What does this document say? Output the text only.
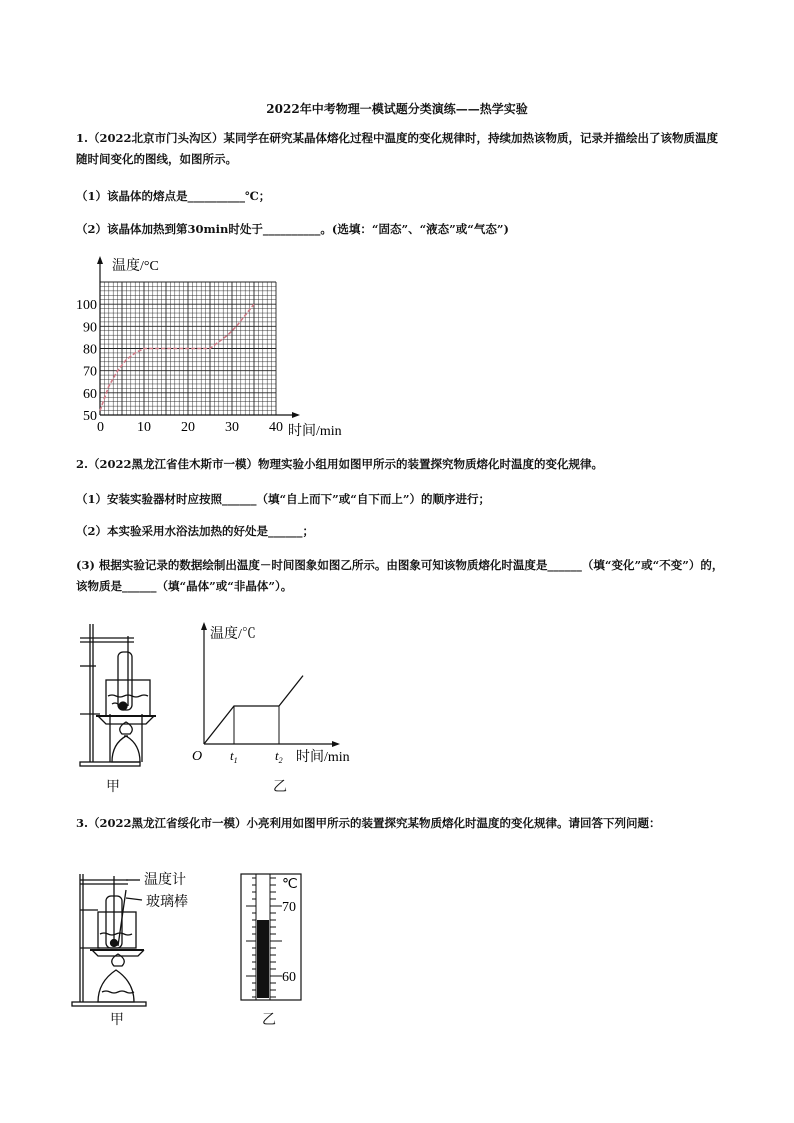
2022年中考物理一模试题分类演练——热学实验
1.（2022北京市门头沟区）某同学在研究某晶体熔化过程中温度的变化规律时，持续加热该物质，记录并描绘出了该物质温度随时间变化的图线，如图所示。
（1）该晶体的熔点是__________℃；
（2）该晶体加热到第30min时处于__________。(选填：“固态”、“液态”或“气态”)
0 10 20 30 40
50
60
70
80
90
100
温度/°C
时间/min
2.（2022黑龙江省佳木斯市一模）物理实验小组用如图甲所示的装置探究物质熔化时温度的变化规律。
（1）安装实验器材时应按照______（填“自上而下”或“自下而上”）的顺序进行；
（2）本实验采用水浴法加热的好处是______；
(3) 根据实验记录的数据绘制出温度－时间图象如图乙所示。由图象可知该物质熔化时温度是______（填“变化”或“不变”）的，该物质是______（填“晶体”或“非晶体”）。
甲
温度/℃
时间/min
O $t_1$	$t_2$
乙
3.（2022黑龙江省绥化市一模）小亮利用如图甲所示的装置探究某物质熔化时温度的变化规律。请回答下列问题：
温度计
玻璃棒
甲
℃
70
60
乙
